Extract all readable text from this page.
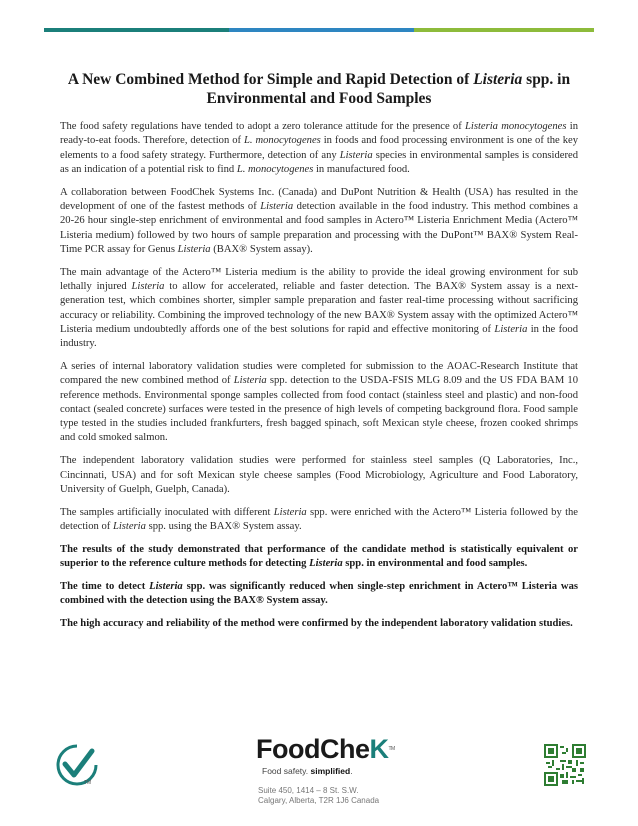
A New Combined Method for Simple and Rapid Detection of Listeria spp. in Environmental and Food Samples

The food safety regulations have tended to adopt a zero tolerance attitude for the presence of Listeria monocytogenes in ready-to-eat foods. Therefore, detection of L. monocytogenes in foods and food processing environment is one of the key elements to a food safety strategy. Furthermore, detection of any Listeria species in environmental samples is considered as an indication of a potential risk to find L. monocytogenes in manufactured food.

A collaboration between FoodChek Systems Inc. (Canada) and DuPont Nutrition & Health (USA) has resulted in the development of one of the fastest methods of Listeria detection available in the food industry. This method combines a 20-26 hour single-step enrichment of environmental and food samples in Actero™ Listeria Enrichment Media (Actero™ Listeria medium) followed by two hours of sample preparation and processing with the DuPont™ BAX® System Real-Time PCR assay for Genus Listeria (BAX® System assay).

The main advantage of the Actero™ Listeria medium is the ability to provide the ideal growing environment for sub lethally injured Listeria to allow for accelerated, reliable and faster detection. The BAX® System assay is a next-generation test, which combines shorter, simpler sample preparation and faster real-time processing without sacrificing accuracy or reliability. Combining the improved technology of the new BAX® System assay with the optimized Actero™ Listeria medium undoubtedly affords one of the best solutions for rapid and effective monitoring of Listeria in the food industry.

A series of internal laboratory validation studies were completed for submission to the AOAC-Research Institute that compared the new combined method of Listeria spp. detection to the USDA-FSIS MLG 8.09 and the US FDA BAM 10 reference methods. Environmental sponge samples collected from food contact (stainless steel and plastic) and non-food contact (sealed concrete) surfaces were tested in the presence of high levels of competing background flora. Food sample type tested in the studies included frankfurters, fresh bagged spinach, soft Mexican style cheese, frozen cooked shrimps and cold smoked salmon.

The independent laboratory validation studies were performed for stainless steel samples (Q Laboratories, Inc., Cincinnati, USA) and for soft Mexican style cheese samples (Food Microbiology, Agriculture and Food Laboratory, University of Guelph, Guelph, Canada).

The samples artificially inoculated with different Listeria spp. were enriched with the Actero™ Listeria followed by the detection of Listeria spp. using the BAX® System assay.

The results of the study demonstrated that performance of the candidate method is statistically equivalent or superior to the reference culture methods for detecting Listeria spp. in environmental and food samples.

The time to detect Listeria spp. was significantly reduced when single-step enrichment in Actero™ Listeria was combined with the detection using the BAX® System assay.

The high accuracy and reliability of the method were confirmed by the independent laboratory validation studies.

TM
FoodCheK™
Food safety. simplified.
Suite 450, 1414 – 8 St. S.W.
Calgary, Alberta, T2R 1J6 Canada
